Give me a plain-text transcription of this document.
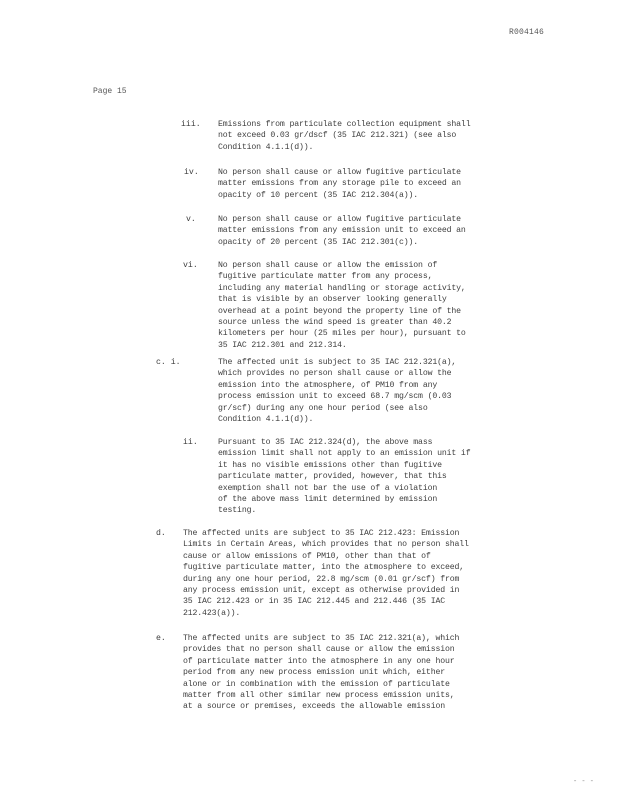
R004146
Page 15
iii. Emissions from particulate collection equipment shall
not exceed 0.03 gr/dscf (35 IAC 212.321) (see also
Condition 4.1.1(d)).
iv. No person shall cause or allow fugitive particulate
matter emissions from any storage pile to exceed an
opacity of 10 percent (35 IAC 212.304(a)).
v.	No person shall cause or allow fugitive particulate
matter emissions from any emission unit to exceed an
opacity of 20 percent (35 IAC 212.301(c)).
vi. No person shall cause or allow the emission of
fugitive particulate matter from any process,
including any material handling or storage activity,
that is visible by an observer looking generally
overhead at a point beyond the property line of the
source unless the wind speed is greater than 40.2
kilometers per hour (25 miles per hour), pursuant to
35 IAC 212.301 and 212.314.
c. i.	The affected unit is subject to 35 IAC 212.321(a),
which provides no person shall cause or allow the
emission into the atmosphere, of PM10 from any
process emission unit to exceed 68.7 mg/scm (0.03
gr/scf) during any one hour period (see also
Condition 4.1.1(d)).
ii. Pursuant to 35 IAC 212.324(d), the above mass
emission limit shall not apply to an emission unit if
it has no visible emissions other than fugitive
particulate matter, provided, however, that this
exemption shall not bar the use of a violation
of the above mass limit determined by emission
testing.
d. The affected units are subject to 35 IAC 212.423: Emission
Limits in Certain Areas, which provides that no person shall
cause or allow emissions of PM10, other than that of
fugitive particulate matter, into the atmosphere to exceed,
during any one hour period, 22.8 mg/scm (0.01 gr/scf) from
any process emission unit, except as otherwise provided in
35 IAC 212.423 or in 35 IAC 212.445 and 212.446 (35 IAC
212.423(a)).
e. The affected units are subject to 35 IAC 212.321(a), which
provides that no person shall cause or allow the emission
of particulate matter into the atmosphere in any one hour
period from any new process emission unit which, either
alone or in combination with the emission of particulate
matter from all other similar new process emission units,
at a source or premises, exceeds the allowable emission
- - -
